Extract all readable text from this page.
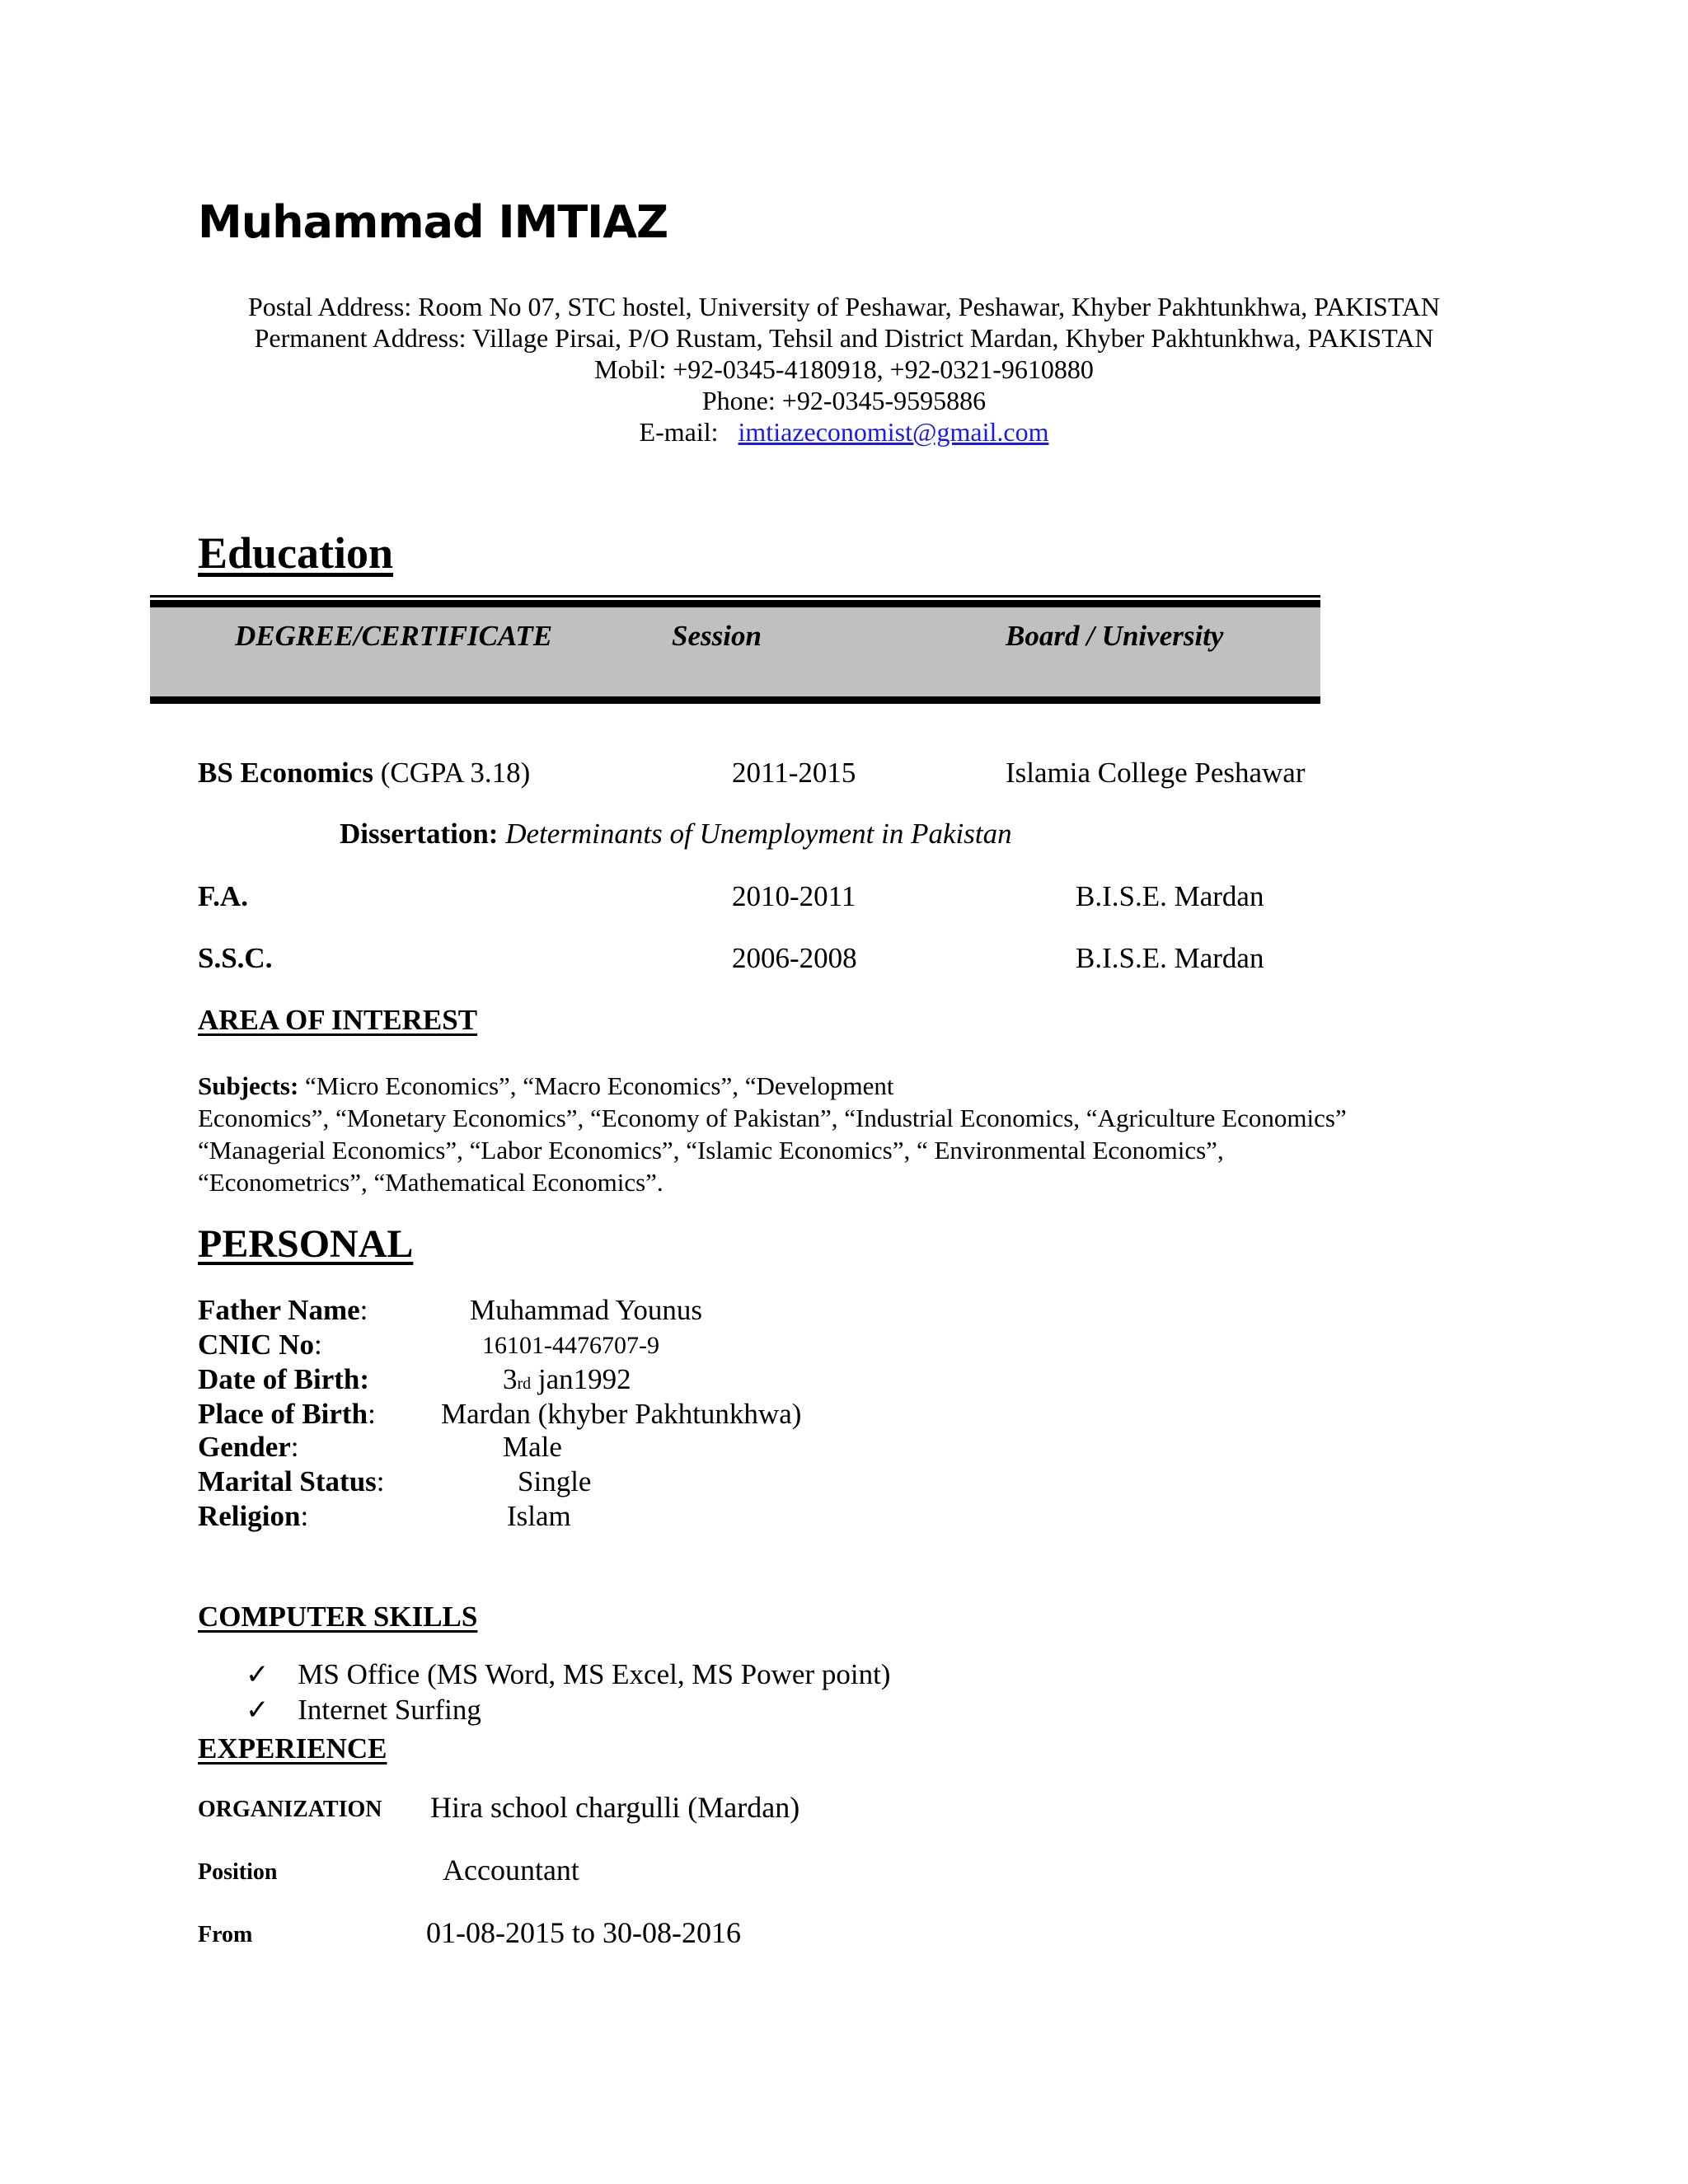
Muhammad IMTIAZ
Postal Address: Room No 07, STC hostel, University of Peshawar, Peshawar, Khyber Pakhtunkhwa, PAKISTAN
Permanent Address: Village Pirsai, P/O Rustam, Tehsil and District Mardan, Khyber Pakhtunkhwa, PAKISTAN
Mobil: +92-0345-4180918, +92-0321-9610880
Phone: +92-0345-9595886
E-mail: imtiazeconomist@gmail.com
Education
DEGREE/CERTIFICATE	Session	Board / University
BS Economics (CGPA 3.18)	2011-2015	Islamia College Peshawar
Dissertation: Determinants of Unemployment in Pakistan
F.A.	2010-2011	B.I.S.E. Mardan
S.S.C.	2006-2008	B.I.S.E. Mardan
AREA OF INTEREST
Subjects: “Micro Economics”, “Macro Economics”, “Development
Economics”, “Monetary Economics”, “Economy of Pakistan”, “Industrial Economics, “Agriculture Economics”
“Managerial Economics”, “Labor Economics”, “Islamic Economics”, “ Environmental Economics”,
“Econometrics”, “Mathematical Economics”.
PERSONAL
Father Name:	Muhammad Younus
CNIC No:	16101-4476707-9
Date of Birth:	3rd jan1992
Place of Birth: Mardan (khyber Pakhtunkhwa)
Gender:	Male
Marital Status:	Single
Religion:	Islam
COMPUTER SKILLS
✓ MS Office (MS Word, MS Excel, MS Power point)
✓ Internet Surfing
EXPERIENCE
ORGANIZATION Hira school chargulli (Mardan)
Position	Accountant
From	01-08-2015 to 30-08-2016
